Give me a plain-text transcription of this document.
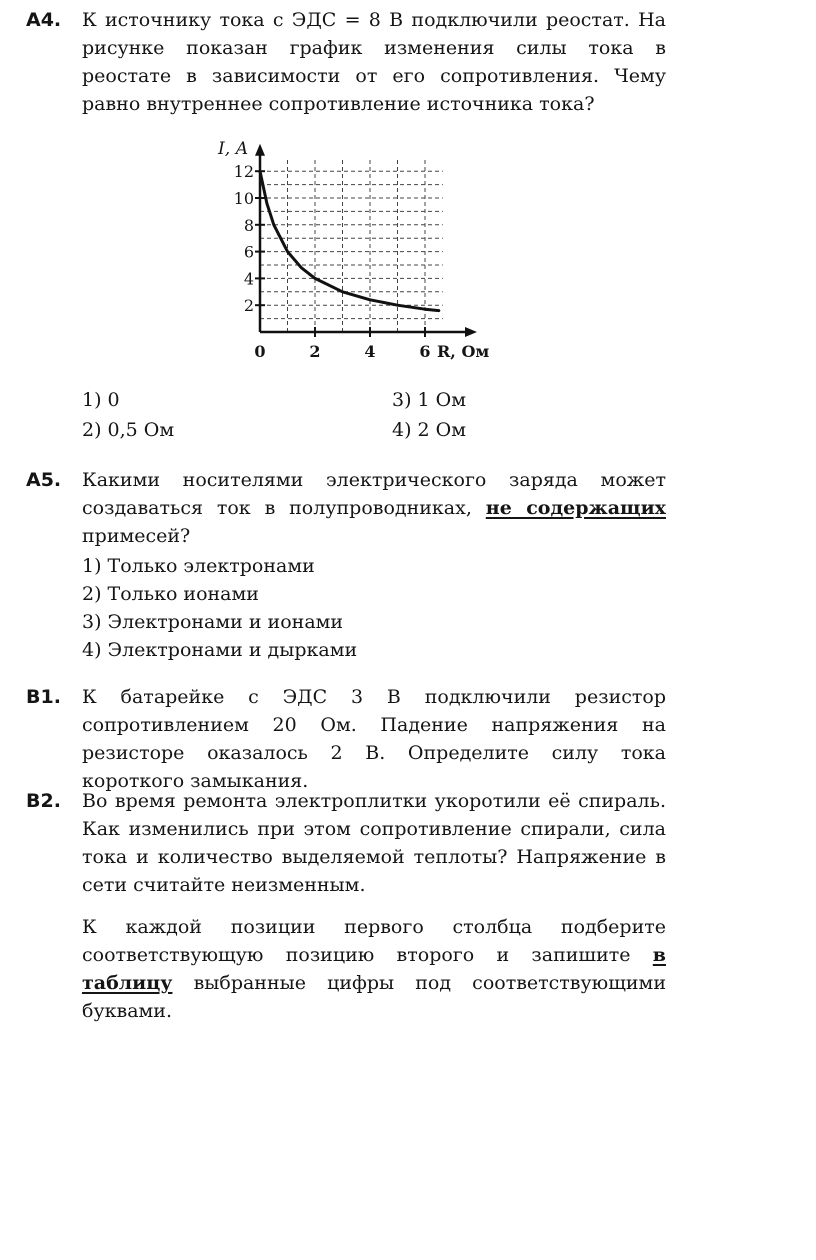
А4.	К источнику тока с ЭДС = 8 В подключили реостат. На рисунке показан график изменения силы тока в реостате в зависимости от его сопротивления. Чему равно внутреннее сопротивление источника тока?
2
4
6
8
10
12
0	2	4	6
I, А
R, Ом
1) 0	3) 1 Ом
2) 0,5 Ом	4) 2 Ом
А5.	Какими носителями электрического заряда может создаваться ток в полупроводниках, не содержащих примесей?
1) Только электронами
2) Только ионами
3) Электронами и ионами
4) Электронами и дырками
В1.	К батарейке с ЭДС 3 В подключили резистор сопротивлением 20 Ом. Падение напряжения на резисторе оказалось 2 В. Определите силу тока короткого замыкания.
В2.	Во время ремонта электроплитки укоротили её спираль. Как изменились при этом сопротивление спирали, сила тока и количество выделяемой теплоты? Напряжение в сети считайте неизменным.
К каждой позиции первого столбца подберите соответствующую позицию второго и запишите в таблицу выбранные цифры под соответствующими буквами.
